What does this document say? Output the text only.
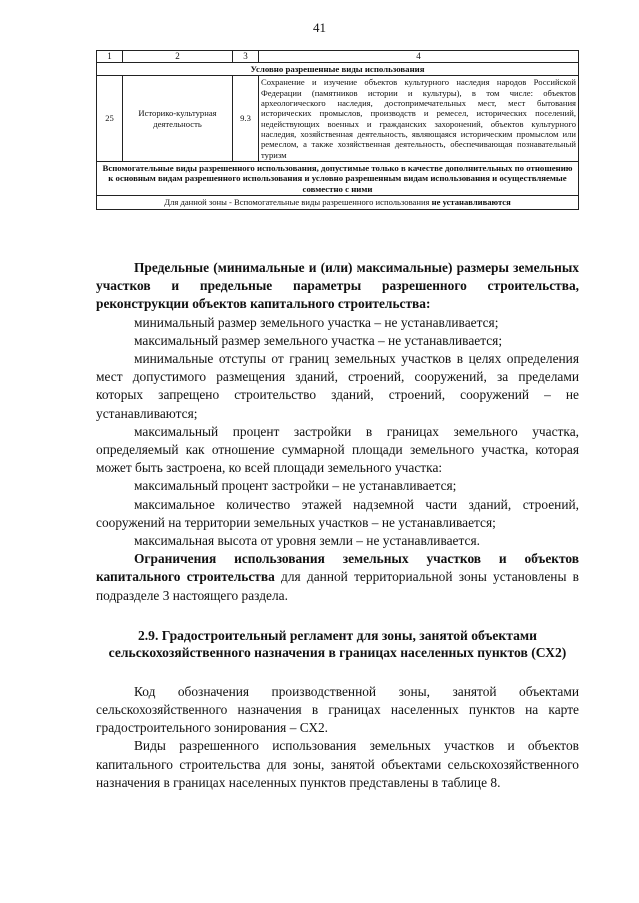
41
1	2	3	4
Условно разрешенные виды использования			
25	Историко-культурная деятельность	9.3	Сохранение и изучение объектов культурного наследия народов Российской Федерации (памятников истории и культуры), в том числе: объектов археологического наследия, достопримечательных мест, мест бытования исторических промыслов, производств и ремесел, исторических поселений, недействующих военных и гражданских захоронений, объектов культурного наследия, хозяйственная деятельность, являющаяся историческим промыслом или ремеслом, а также хозяйственная деятельность, обеспечивающая познавательный туризм
Вспомогательные виды разрешенного использования, допустимые только в качестве дополнительных по отношению к основным видам разрешенного использования и условно разрешенным видам использования и осуществляемые совместно с ними			
Для данной зоны - Вспомогательные виды разрешенного использования не устанавливаются			

Предельные (минимальные и (или) максимальные) размеры земельных участков и предельные параметры разрешенного строительства, реконструкции объектов капитального строительства:

минимальный размер земельного участка – не устанавливается;

максимальный размер земельного участка – не устанавливается;

минимальные отступы от границ земельных участков в целях определения мест допустимого размещения зданий, строений, сооружений, за пределами которых запрещено строительство зданий, строений, сооружений – не устанавливаются;

максимальный процент застройки в границах земельного участка, определяемый как отношение суммарной площади земельного участка, которая может быть застроена, ко всей площади земельного участка:

максимальный процент застройки – не устанавливается;

максимальное количество этажей надземной части зданий, строений, сооружений на территории земельных участков – не устанавливается;

максимальная высота от уровня земли – не устанавливается.

Ограничения использования земельных участков и объектов капитального строительства для данной территориальной зоны установлены в подразделе 3 настоящего раздела.

2.9. Градостроительный регламент для зоны, занятой объектами сельскохозяйственного назначения в границах населенных пунктов (СХ2)

Код обозначения производственной зоны, занятой объектами сельскохозяйственного назначения в границах населенных пунктов на карте градостроительного зонирования – СХ2.

Виды разрешенного использования земельных участков и объектов капитального строительства для зоны, занятой объектами сельскохозяйственного назначения в границах населенных пунктов представлены в таблице 8.
